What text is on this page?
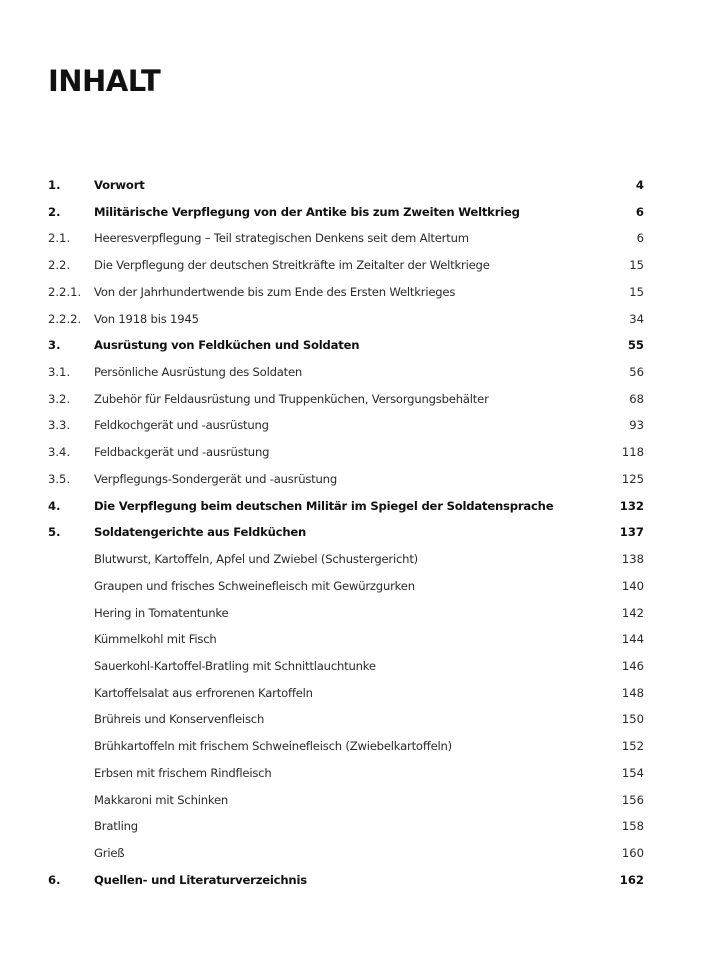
INHALT
1.	Vorwort	4
2.	Militärische Verpflegung von der Antike bis zum Zweiten Weltkrieg	6
2.1. Heeresverpflegung – Teil strategischen Denkens seit dem Altertum	6
2.2. Die Verpflegung der deutschen Streitkräfte im Zeitalter der Weltkriege	15
2.2.1. Von der Jahrhundertwende bis zum Ende des Ersten Weltkrieges	15
2.2.2. Von 1918 bis 1945	34
3.	Ausrüstung von Feldküchen und Soldaten	55
3.1. Persönliche Ausrüstung des Soldaten	56
3.2. Zubehör für Feldausrüstung und Truppenküchen, Versorgungsbehälter	68
3.3. Feldkochgerät und -ausrüstung	93
3.4. Feldbackgerät und -ausrüstung	118
3.5. Verpflegungs-Sondergerät und -ausrüstung	125
4.	Die Verpflegung beim deutschen Militär im Spiegel der Soldatensprache	132
5.	Soldatengerichte aus Feldküchen	137
Blutwurst, Kartoffeln, Apfel und Zwiebel (Schustergericht)	138
Graupen und frisches Schweinefleisch mit Gewürzgurken	140
Hering in Tomatentunke	142
Kümmelkohl mit Fisch	144
Sauerkohl-Kartoffel-Bratling mit Schnittlauchtunke	146
Kartoffelsalat aus erfrorenen Kartoffeln	148
Brühreis und Konservenfleisch	150
Brühkartoffeln mit frischem Schweinefleisch (Zwiebelkartoffeln)	152
Erbsen mit frischem Rindfleisch	154
Makkaroni mit Schinken	156
Bratling	158
Grieß	160
6.	Quellen- und Literaturverzeichnis	162
